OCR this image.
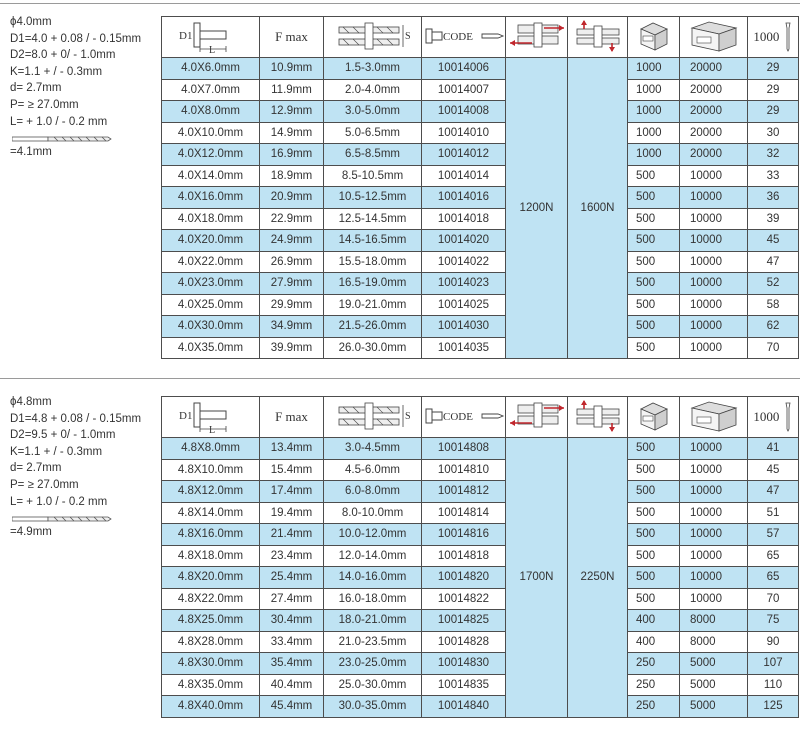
ϕ4.0mm
D1=4.0 + 0.08 / - 0.15mm
D2=8.0 + 0/ - 1.0mm
K=1.1 + / - 0.3mm
d= 2.7mm
P= ≥ 27.0mm
L= + 1.0 / - 0.2 mm
=4.1mm
ϕ4.8mm
D1=4.8 + 0.08 / - 0.15mm
D2=9.5 + 0/ - 1.0mm
K=1.1 + / - 0.3mm
d= 2.7mm
P= ≥ 27.0mm
L= + 1.0 / - 0.2 mm
=4.9mm
D1
L	F max	S	CODE					1000
4.0X6.0mm	10.9mm	1.5-3.0mm	10014006	1200N	1600N	1000	20000	29
4.0X7.0mm	11.9mm	2.0-4.0mm	10014007			1000	20000	29
4.0X8.0mm	12.9mm	3.0-5.0mm	10014008			1000	20000	29
4.0X10.0mm	14.9mm	5.0-6.5mm	10014010			1000	20000	30
4.0X12.0mm	16.9mm	6.5-8.5mm	10014012			1000	20000	32
4.0X14.0mm	18.9mm	8.5-10.5mm	10014014			500	10000	33
4.0X16.0mm	20.9mm	10.5-12.5mm	10014016			500	10000	36
4.0X18.0mm	22.9mm	12.5-14.5mm	10014018			500	10000	39
4.0X20.0mm	24.9mm	14.5-16.5mm	10014020			500	10000	45
4.0X22.0mm	26.9mm	15.5-18.0mm	10014022			500	10000	47
4.0X23.0mm	27.9mm	16.5-19.0mm	10014023			500	10000	52
4.0X25.0mm	29.9mm	19.0-21.0mm	10014025			500	10000	58
4.0X30.0mm	34.9mm	21.5-26.0mm	10014030			500	10000	62
4.0X35.0mm	39.9mm	26.0-30.0mm	10014035			500	10000	70
D1
L	F max	S	CODE					1000
4.8X8.0mm	13.4mm	3.0-4.5mm	10014808	1700N	2250N	500	10000	41
4.8X10.0mm	15.4mm	4.5-6.0mm	10014810			500	10000	45
4.8X12.0mm	17.4mm	6.0-8.0mm	10014812			500	10000	47
4.8X14.0mm	19.4mm	8.0-10.0mm	10014814			500	10000	51
4.8X16.0mm	21.4mm	10.0-12.0mm	10014816			500	10000	57
4.8X18.0mm	23.4mm	12.0-14.0mm	10014818			500	10000	65
4.8X20.0mm	25.4mm	14.0-16.0mm	10014820			500	10000	65
4.8X22.0mm	27.4mm	16.0-18.0mm	10014822			500	10000	70
4.8X25.0mm	30.4mm	18.0-21.0mm	10014825			400	8000	75
4.8X28.0mm	33.4mm	21.0-23.5mm	10014828			400	8000	90
4.8X30.0mm	35.4mm	23.0-25.0mm	10014830			250	5000	107
4.8X35.0mm	40.4mm	25.0-30.0mm	10014835			250	5000	110
4.8X40.0mm	45.4mm	30.0-35.0mm	10014840			250	5000	125
